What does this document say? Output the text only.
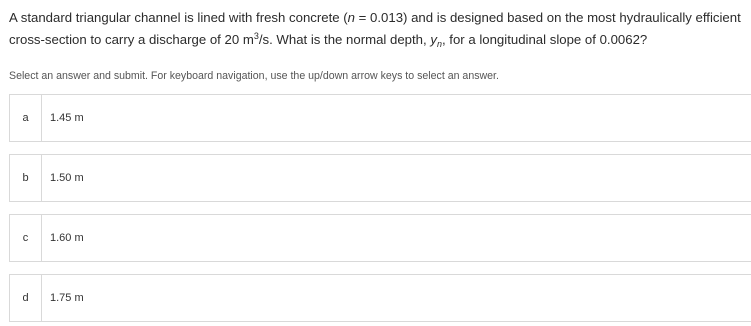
A standard triangular channel is lined with fresh concrete (n = 0.013) and is designed based on the most hydraulically efficient cross-section to carry a discharge of 20 $m^3/s$. What is the normal depth, $y_n$, for a longitudinal slope of 0.0062?
Select an answer and submit. For keyboard navigation, use the up/down arrow keys to select an answer.
a	1.45 m
b	1.50 m
c	1.60 m
d	1.75 m
